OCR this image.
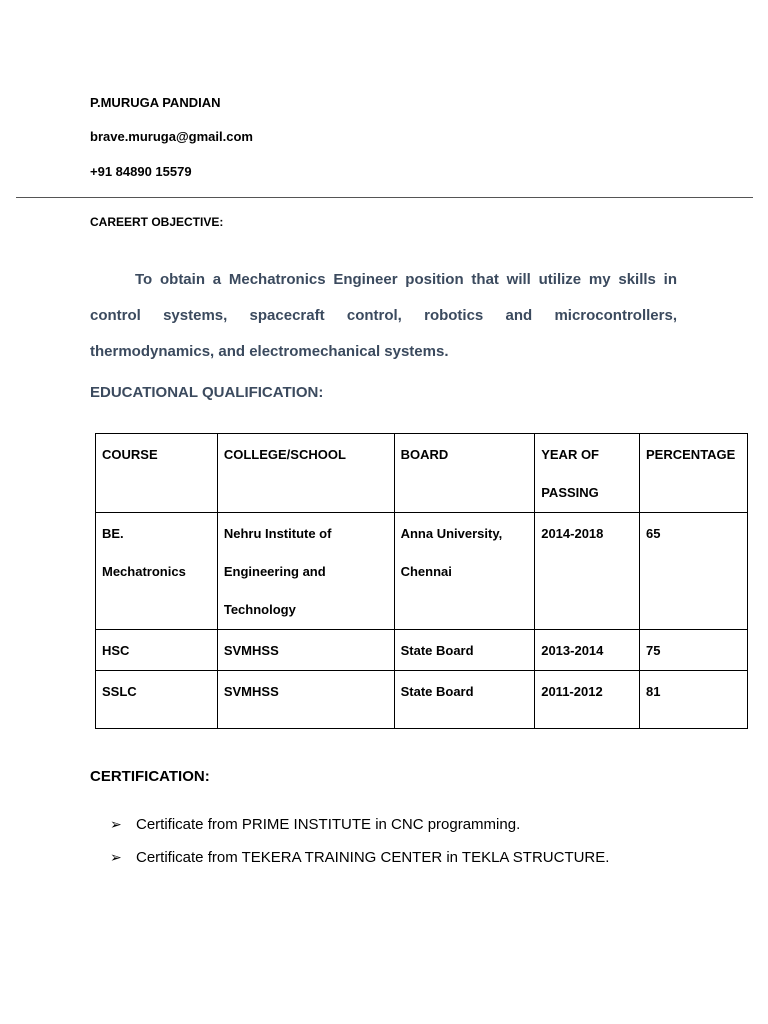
P.MURUGA PANDIAN
brave.muruga@gmail.com
+91 84890 15579
CAREERT OBJECTIVE:
To obtain a Mechatronics Engineer position that will utilize my skills in control systems, spacecraft control, robotics and microcontrollers, thermodynamics, and electromechanical systems.
EDUCATIONAL QUALIFICATION:
COURSE	COLLEGE/SCHOOL	BOARD	YEAR OF PASSING	PERCENTAGE
BE. Mechatronics	Nehru Institute of Engineering and Technology	Anna University, Chennai	2014-2018	65
HSC	SVMHSS	State Board	2013-2014	75
SSLC	SVMHSS	State Board	2011-2012	81
CERTIFICATION:
➢ Certificate from PRIME INSTITUTE in CNC programming.
➢ Certificate from TEKERA TRAINING CENTER in TEKLA STRUCTURE.
